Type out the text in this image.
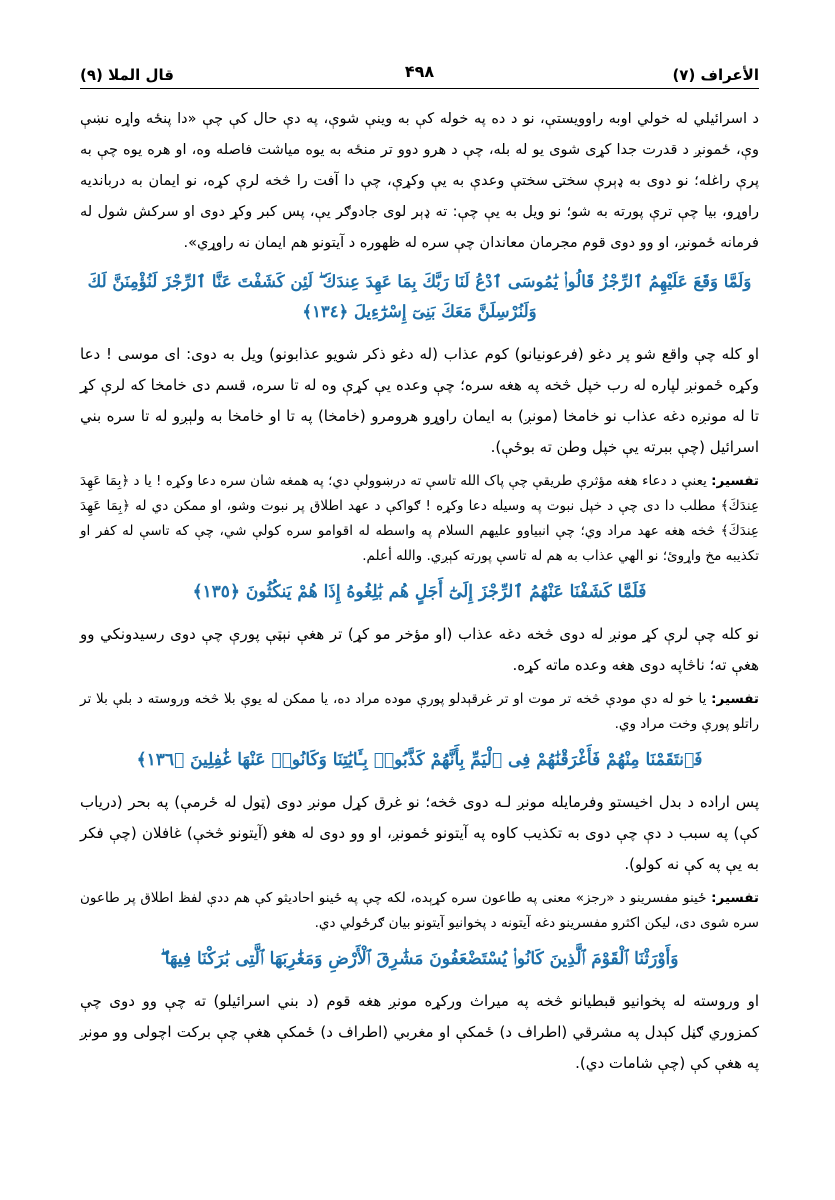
الأعراف (٧)
۴۹۸
قال الملا (٩)

د اسرائيلي له خولي اوبه راوويستې، نو د ده په خوله کې به وينې شوې، په دې حال کې چې «دا پنځه واړه نښې وې، ځمونږ د قدرت جدا کړى شوى يو له بله، چې د هرو دوو تر منځه به يوه مياشت فاصله وه، او هره يوه چې به پرې راغله؛ نو دوى به ډېرې سختۍ سختې وعدې به يې وکړې، چې دا آفت را څخه لرې کړه، نو ايمان به دربانديه راوړو، بيا چې ترې پورته به شو؛ نو ويل به يې چې: ته ډېر لوى جادوګر يې، پس کبر وکړ دوى او سرکش شول له فرمانه ځمونږ، او وو دوى قوم مجرمان معاندان چې سره له ظهوره د آيتونو هم ايمان نه راوړي».

وَلَمَّا وَقَعَ عَلَيْهِمُ ٱلرِّجْزُ قَالُوا۟ يَٰمُوسَى ٱدْعُ لَنَا رَبَّكَ بِمَا عَهِدَ عِندَكَ ۖ لَئِن كَشَفْتَ عَنَّا ٱلرِّجْزَ لَنُؤْمِنَنَّ لَكَ وَلَنُرْسِلَنَّ مَعَكَ بَنِىٓ إِسْرَٰٓءِيلَ ﴿١٣٤﴾

او کله چې واقع شو پر دغو (فرعونيانو) کوم عذاب (له دغو ذکر شويو عذابونو) ويل به دوى: اى موسى ! دعا وکړه ځمونږ لپاره له رب خپل څخه په هغه سره؛ چې وعده يې کړې وه له تا سره، قسم دى خامخا که لرې کړ تا له مونږه دغه عذاب نو خامخا (مونږ) به ايمان راوړو هرومرو (خامخا) په تا او خامخا به ولېږو له تا سره بني اسرائيل (چې ببرته يې خپل وطن ته بوځې).

تفسير: يعنې د دعاء هغه مؤثرې طريقې چې پاک الله تاسې ته درښوولې دي؛ په همغه شان سره دعا وکړه ! يا د ﴿بِمَا عَهِدَ عِندَكَ﴾ مطلب دا دى چې د خپل نبوت په وسيله دعا وکړه ! ګواکې د عهد اطلاق پر نبوت وشو، او ممکن دي له ﴿بِمَا عَهِدَ عِندَكَ﴾ څخه هغه عهد مراد وي؛ چې انبياوو عليهم السلام په واسطه له اقوامو سره کولې شي، چې که تاسې له کفر او تکذيبه مخ واړوئ؛ نو الهي عذاب به هم له تاسې پورته کېږي. والله أعلم.

فَلَمَّا كَشَفْنَا عَنْهُمُ ٱلرِّجْزَ إِلَىٰٓ أَجَلٍ هُم بَٰلِغُوهُ إِذَا هُمْ يَنكُثُونَ ﴿١٣٥﴾

نو کله چې لرې کړ مونږ له دوى څخه دغه عذاب (او مؤخر مو کړ) تر هغې نېټې پورې چې دوى رسيدونکي وو هغې ته؛ ناڅاپه دوى هغه وعده ماته کړه.

تفسير: يا خو له دې مودې څخه تر موت او تر غرقېدلو پورې موده مراد ده، يا ممکن له يوې بلا څخه وروسته د بلې بلا تر راتلو پورې وخت مراد وي.

فَٱنتَقَمْنَا مِنْهُمْ فَأَغْرَقْنَٰهُمْ فِى ٱلْيَمِّ بِأَنَّهُمْ كَذَّبُوا۟ بِـَٔايَٰتِنَا وَكَانُوا۟ عَنْهَا غَٰفِلِينَ ﴿١٣٦﴾

پس اراده د بدل اخيستو وفرمايله مونږ لـه دوى څخه؛ نو غرق کړل مونږ دوى (ټول له ځرمې) په بحر (درياب کې) په سبب د دې چې دوى به تکذيب کاوه په آيتونو ځمونږ، او وو دوى له هغو (آيتونو څخې) غافلان (چې فکر به يې په کې نه کولو).

تفسير: ځينو مفسرينو د «رجز» معنى په طاعون سره کړېده، لکه چې په ځينو احاديثو کې هم ددې لفظ اطلاق پر طاعون سره شوى دى، ليکن اکثرو مفسرينو دغه آيتونه د پخوانيو آيتونو بيان ګرځولي دي.

وَأَوْرَثْنَا ٱلْقَوْمَ ٱلَّذِينَ كَانُوا۟ يُسْتَضْعَفُونَ مَشَٰرِقَ ٱلْأَرْضِ وَمَغَٰرِبَهَا ٱلَّتِى بَٰرَكْنَا فِيهَا ۖ

او وروسته له پخوانيو قبطيانو څخه په ميراث ورکړه مونږ هغه قوم (د بني اسرائيلو) ته چې وو دوى چې کمزوري ګڼل کېدل په مشرقي (اطراف د) ځمکې او مغربي (اطراف د) ځمکې هغې چې برکت اچولى وو مونږ په هغې کې (چې شامات دي).
